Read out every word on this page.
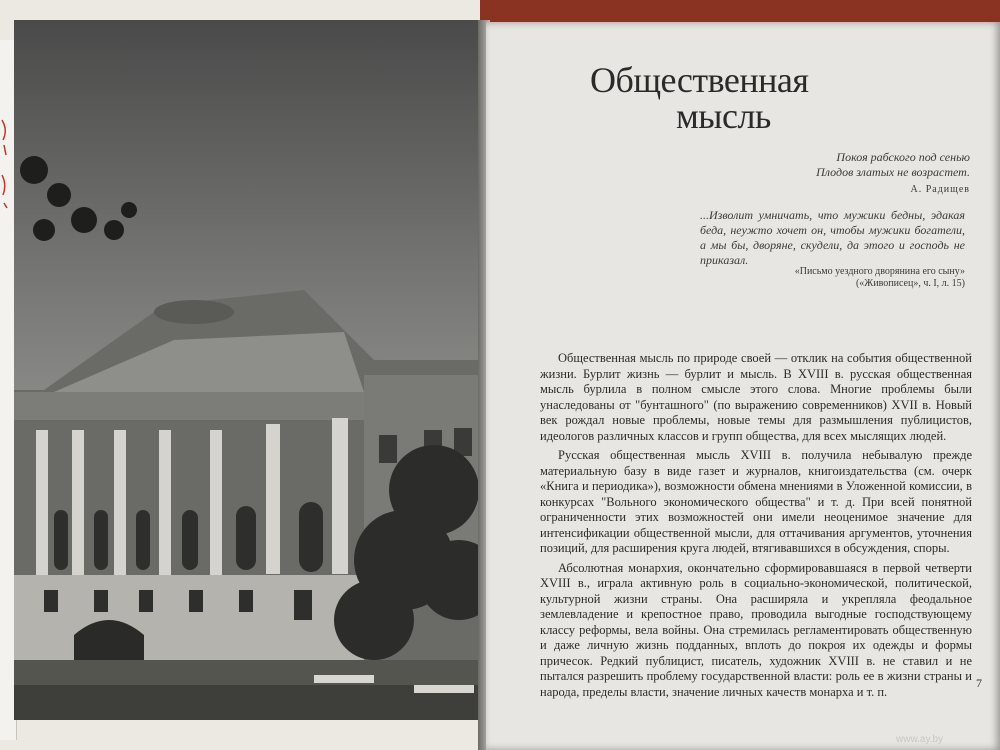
Общественная
мысль
Покоя рабского под сенью
Плодов златых не возрастет.
А. Радищев
...Изволит умничать, что мужики бедны, эдакая беда, неужто хочет он, чтобы мужики богатели, а мы бы, дворяне, скудели, да этого и господь не приказал.
«Письмо уездного дворянина его сыну»
(«Живописец», ч. I, л. 15)

Общественная мысль по природе своей — отклик на события общественной жизни. Бурлит жизнь — бурлит и мысль. В XVIII в. русская общественная мысль бурлила в полном смысле этого слова. Многие проблемы были унаследованы от "бунташного" (по выражению современников) XVII в. Новый век рождал новые проблемы, новые темы для размышления публицистов, идеологов различных классов и групп общества, для всех мыслящих людей.

Русская общественная мысль XVIII в. получила небывалую прежде материальную базу в виде газет и журналов, книгоиздательства (см. очерк «Книга и периодика»), возможности обмена мнениями в Уложенной комиссии, в конкурсах "Вольного экономического общества" и т. д. При всей понятной ограниченности этих возможностей они имели неоценимое значение для интенсификации общественной мысли, для оттачивания аргументов, уточнения позиций, для расширения круга людей, втягивавшихся в обсуждения, споры.

Абсолютная монархия, окончательно сформировавшаяся в первой четверти XVIII в., играла активную роль в социально-экономической, политической, культурной жизни страны. Она расширяла и укрепляла феодальное землевладение и крепостное право, проводила выгодные господствующему классу реформы, вела войны. Она стремилась регламентировать общественную и даже личную жизнь подданных, вплоть до покроя их одежды и формы причесок. Редкий публицист, писатель, художник XVIII в. не ставил и не пытался разрешить проблему государственной власти: роль ее в жизни страны и народа, пределы власти, значение личных качеств монарха и т. п.

7
www.ay.by
